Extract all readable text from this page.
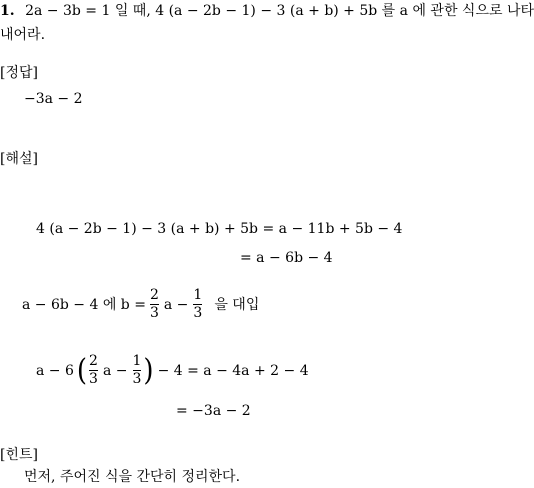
1. 2a − 3b = 1 일 때, 4 (a − 2b − 1) − 3 (a + b) + 5b 를 a 에 관한 식으로 나타
내어라.
[정답]
−3a − 2
[해설]
4 (a − 2b − 1) − 3 (a + b) + 5b = a − 11b + 5b − 4
= a − 6b − 4
a − 6b − 4 에 $b = \frac{2}{3}$ $a - \frac{1}{3}$ 을 대입
a − 6 ( $\frac{2}{3}$ $a - \frac{1}{3}$ ) − 4 = a − 4a + 2 − 4
= −3a − 2
[힌트]
먼저, 주어진 식을 간단히 정리한다.
